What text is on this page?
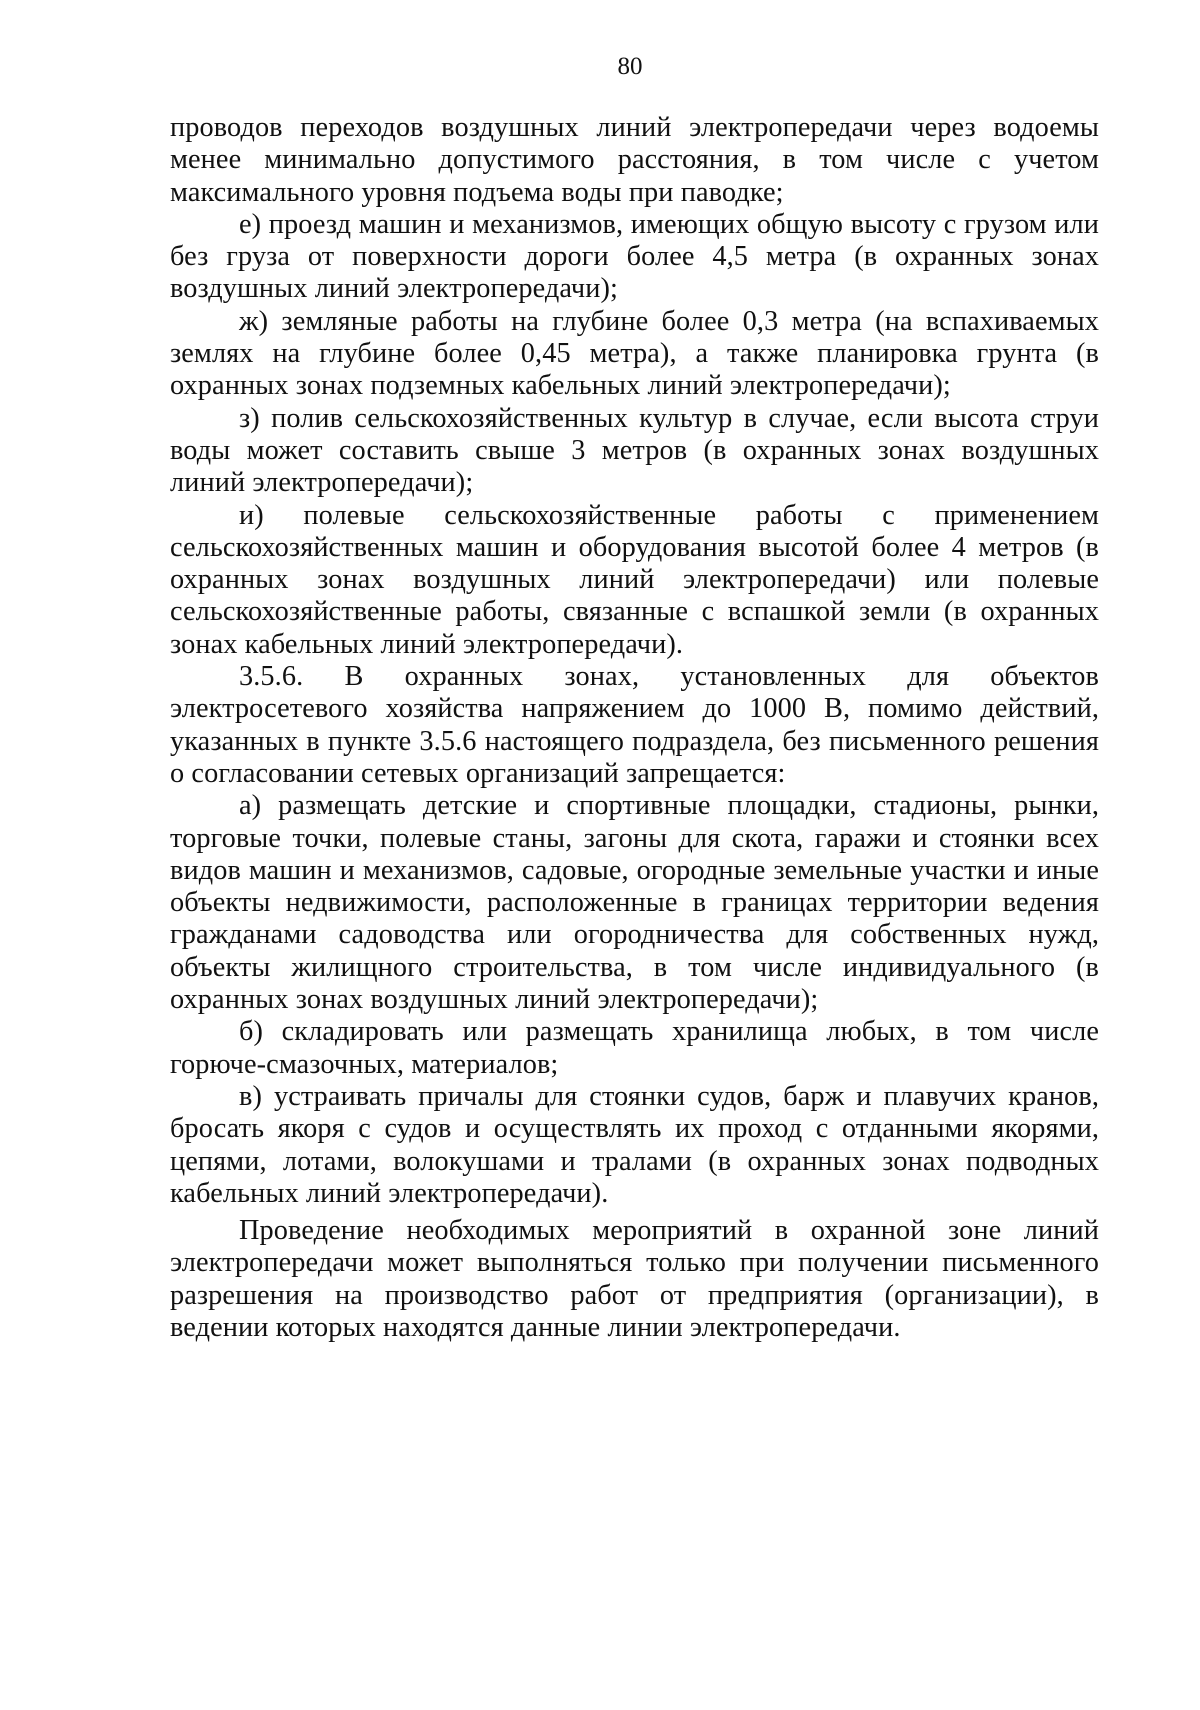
80

проводов переходов воздушных линий электропередачи через водоемы менее минимально допустимого расстояния, в том числе с учетом максимального уровня подъема воды при паводке;

е) проезд машин и механизмов, имеющих общую высоту с грузом или без груза от поверхности дороги более 4,5 метра (в охранных зонах воздушных линий электропередачи);

ж) земляные работы на глубине более 0,3 метра (на вспахиваемых землях на глубине более 0,45 метра), а также планировка грунта (в охранных зонах подземных кабельных линий электропередачи);

з) полив сельскохозяйственных культур в случае, если высота струи воды может составить свыше 3 метров (в охранных зонах воздушных линий электропередачи);

и) полевые сельскохозяйственные работы с применением сельскохозяйственных машин и оборудования высотой более 4 метров (в охранных зонах воздушных линий электропередачи) или полевые сельскохозяйственные работы, связанные с вспашкой земли (в охранных зонах кабельных линий электропередачи).

3.5.6. В охранных зонах, установленных для объектов электросетевого хозяйства напряжением до 1000 В, помимо действий, указанных в пункте 3.5.6 настоящего подраздела, без письменного решения о согласовании сетевых организаций запрещается:

а) размещать детские и спортивные площадки, стадионы, рынки, торговые точки, полевые станы, загоны для скота, гаражи и стоянки всех видов машин и механизмов, садовые, огородные земельные участки и иные объекты недвижимости, расположенные в границах территории ведения гражданами садоводства или огородничества для собственных нужд, объекты жилищного строительства, в том числе индивидуального (в охранных зонах воздушных линий электропередачи);

б) складировать или размещать хранилища любых, в том числе горюче-смазочных, материалов;

в) устраивать причалы для стоянки судов, барж и плавучих кранов, бросать якоря с судов и осуществлять их проход с отданными якорями, цепями, лотами, волокушами и тралами (в охранных зонах подводных кабельных линий электропередачи).

Проведение необходимых мероприятий в охранной зоне линий электропередачи может выполняться только при получении письменного разрешения на производство работ от предприятия (организации), в ведении которых находятся данные линии электропередачи.
